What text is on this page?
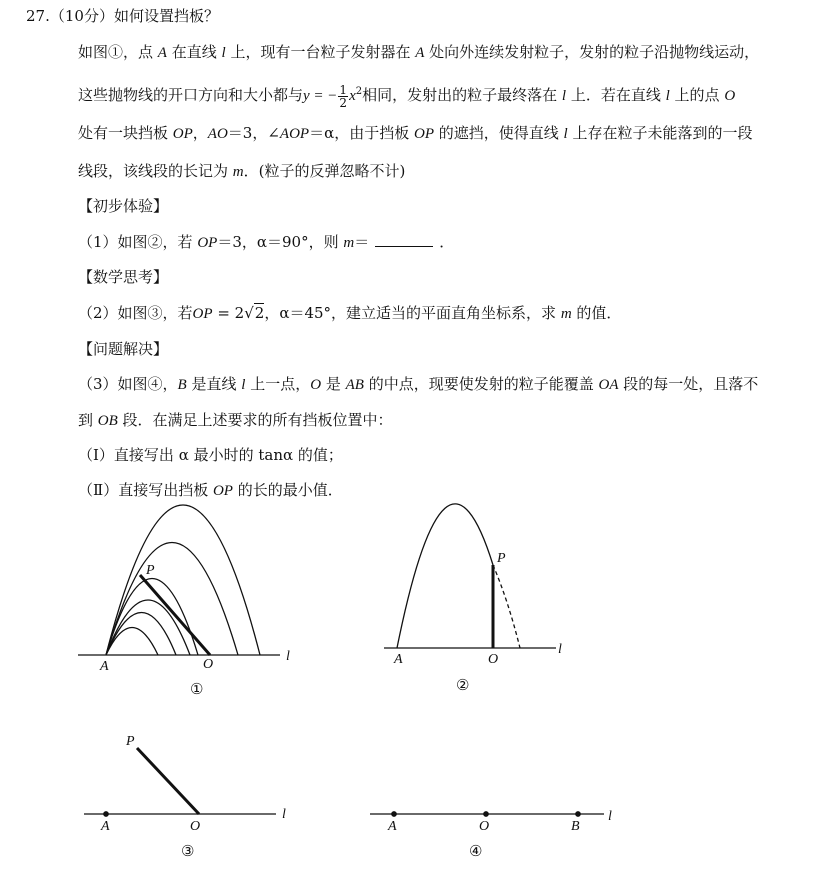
27.（10分）如何设置挡板？
如图①，点 A 在直线 l 上，现有一台粒子发射器在 A 处向外连续发射粒子，发射的粒子沿抛物线运动，
这些抛物线的开口方向和大小都与y = − $\frac{1}{2} x^2$相同，发射出的粒子最终落在 l 上．若在直线 l 上的点 O
处有一块挡板 OP，AO＝3，∠AOP＝α，由于挡板 OP 的遮挡，使得直线 l 上存在粒子未能落到的一段
线段，该线段的长记为 m．(粒子的反弹忽略不计)
【初步体验】
（1）如图②，若 OP＝3，α＝90°，则 m＝	．
【数学思考】
（2）如图③，若OP = 2√2，α＝45°，建立适当的平面直角坐标系，求 m 的值．
【问题解决】
（3）如图④，B 是直线 l 上一点，O 是 AB 的中点，现要使发射的粒子能覆盖 OA 段的每一处，且落不
到 OB 段．在满足上述要求的所有挡板位置中：
（Ⅰ）直接写出 α 最小时的 tanα 的值；
（Ⅱ）直接写出挡板 OP 的长的最小值．
A	O
P
l
①
A	O
P
l
②
A	O
P
l
③
A	O	B
l
④
